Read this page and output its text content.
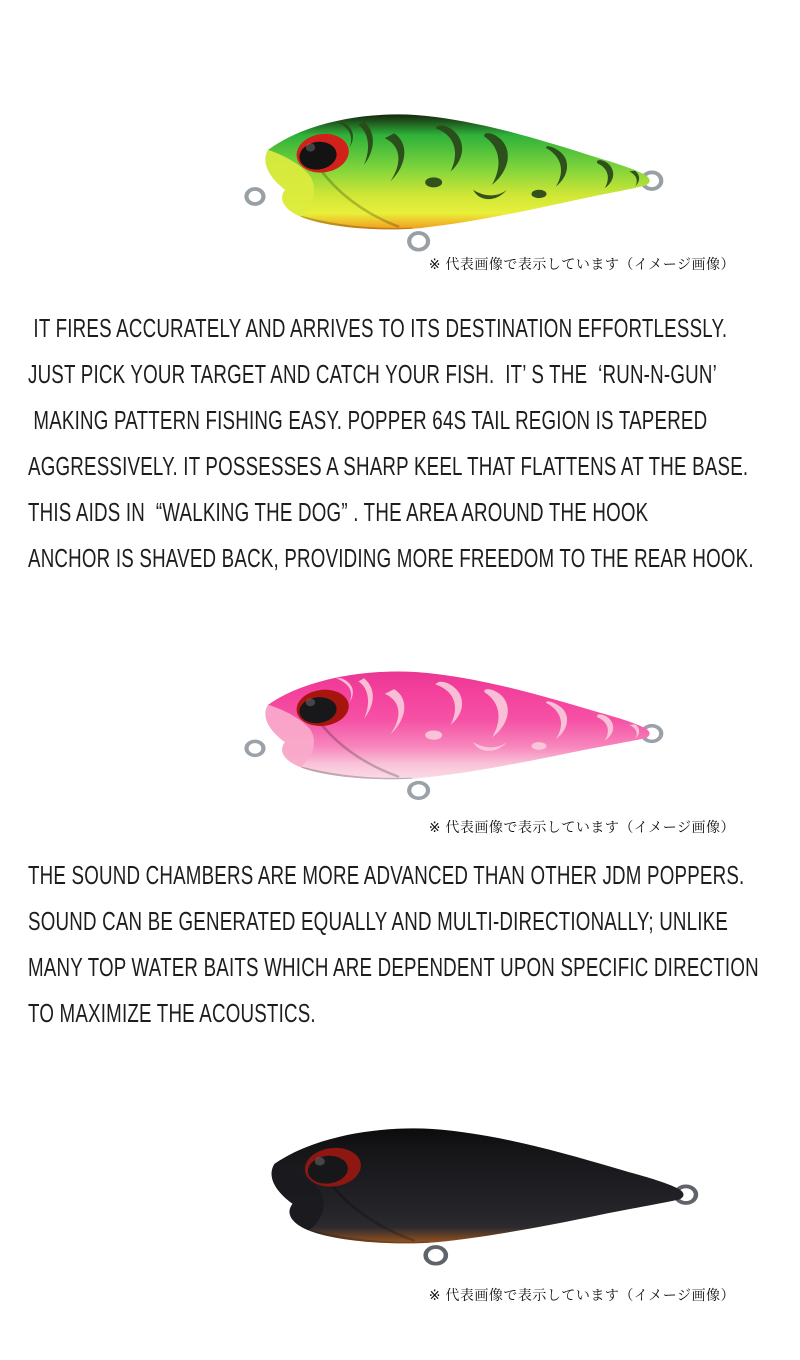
※ 代表画像で表示しています（イメージ画像）
IT FIRES ACCURATELY AND ARRIVES TO ITS DESTINATION EFFORTLESSLY.
JUST PICK YOUR TARGET AND CATCH YOUR FISH.  IT’ S THE  ‘RUN-N-GUN’
MAKING PATTERN FISHING EASY. POPPER 64S TAIL REGION IS TAPERED
AGGRESSIVELY. IT POSSESSES A SHARP KEEL THAT FLATTENS AT THE BASE.
THIS AIDS IN  “WALKING THE DOG” . THE AREA AROUND THE HOOK
ANCHOR IS SHAVED BACK, PROVIDING MORE FREEDOM TO THE REAR HOOK.
※ 代表画像で表示しています（イメージ画像）
THE SOUND CHAMBERS ARE MORE ADVANCED THAN OTHER JDM POPPERS.
SOUND CAN BE GENERATED EQUALLY AND MULTI-DIRECTIONALLY; UNLIKE
MANY TOP WATER BAITS WHICH ARE DEPENDENT UPON SPECIFIC DIRECTION
TO MAXIMIZE THE ACOUSTICS.
※ 代表画像で表示しています（イメージ画像）
